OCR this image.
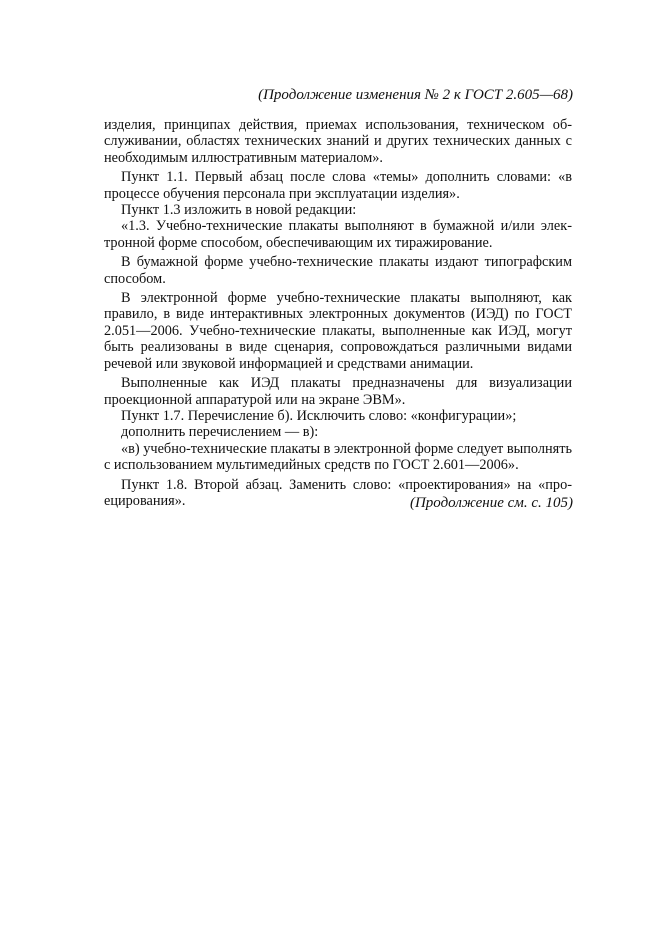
(Продолжение изменения № 2 к ГОСТ 2.605—68)

изделия, принципах действия, приемах использования, техническом обслуживании, областях технических знаний и других технических данных с необходимым иллюстративным материалом».

Пункт 1.1. Первый абзац после слова «темы» дополнить словами: «в процессе обучения персонала при эксплуатации изделия».

Пункт 1.3 изложить в новой редакции:

«1.3. Учебно-технические плакаты выполняют в бумажной и/или электронной форме способом, обеспечивающим их тиражирование.

В бумажной форме учебно-технические плакаты издают типографским способом.

В электронной форме учебно-технические плакаты выполняют, как правило, в виде интерактивных электронных документов (ИЭД) по ГОСТ 2.051—2006. Учебно-технические плакаты, выполненные как ИЭД, могут быть реализованы в виде сценария, сопровождаться различными видами речевой или звуковой информацией и средствами анимации.

Выполненные как ИЭД плакаты предназначены для визуализации проекционной аппаратурой или на экране ЭВМ».

Пункт 1.7. Перечисление б). Исключить слово: «конфигурации»;

дополнить перечислением — в):

«в) учебно-технические плакаты в электронной форме следует выполнять с использованием мультимедийных средств по ГОСТ 2.601—2006».

Пункт 1.8. Второй абзац. Заменить слово: «проектирования» на «проецирования».	(Продолжение см. с. 105)
